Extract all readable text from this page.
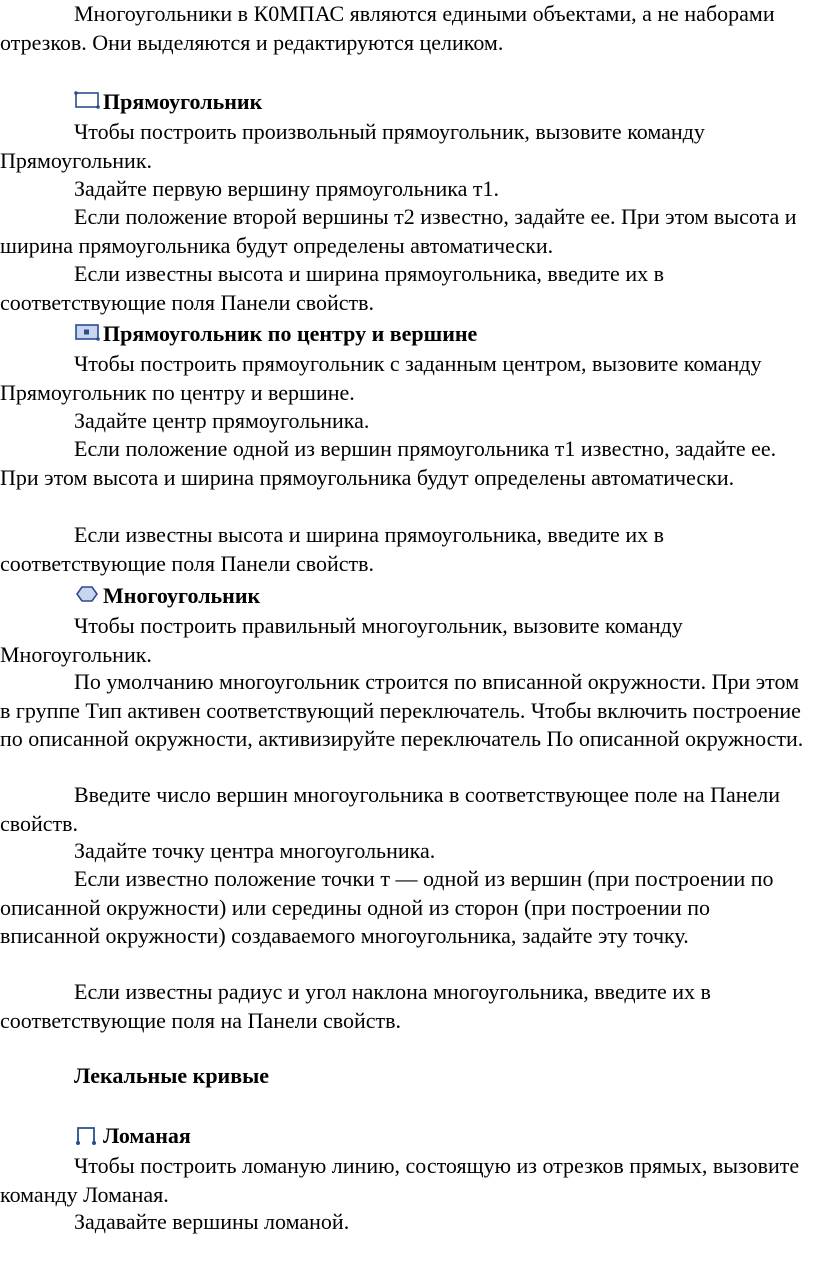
Многоугольники в К0МПАС являются едиными объектами, а не наборами отрезков. Они выделяются и редактируются целиком.

Прямоугольник

Чтобы построить произвольный прямоугольник, вызовите команду Прямоугольник.

Задайте первую вершину прямоугольника т1.

Если положение второй вершины т2 известно, задайте ее. При этом высота и ширина прямоугольника будут определены автоматически.

Если известны высота и ширина прямоугольника, введите их в соответствующие поля Панели свойств.

Прямоугольник по центру и вершине

Чтобы построить прямоугольник с заданным центром, вызовите команду Прямоугольник по центру и вершине.

Задайте центр прямоугольника.

Если положение одной из вершин прямоугольника т1 известно, задайте ее. При этом высота и ширина прямоугольника будут определены автоматически.

Если известны высота и ширина прямоугольника, введите их в соответствующие поля Панели свойств.

Многоугольник

Чтобы построить правильный многоугольник, вызовите команду Многоугольник.

По умолчанию многоугольник строится по вписанной окружности. При этом в группе Тип активен соответствующий переключатель. Чтобы включить построение по описанной окружности, активизируйте переключатель По описанной окружности.

Введите число вершин многоугольника в соответствующее поле на Панели свойств.

Задайте точку центра многоугольника.

Если известно положение точки т — одной из вершин (при построении по описанной окружности) или середины одной из сторон (при построении по вписанной окружности) создаваемого многоугольника, задайте эту точку.

Если известны радиус и угол наклона многоугольника, введите их в соответствующие поля на Панели свойств.

Лекальные кривые
Ломаная

Чтобы построить ломаную линию, состоящую из отрезков прямых, вызовите команду Ломаная.

Задавайте вершины ломаной.
